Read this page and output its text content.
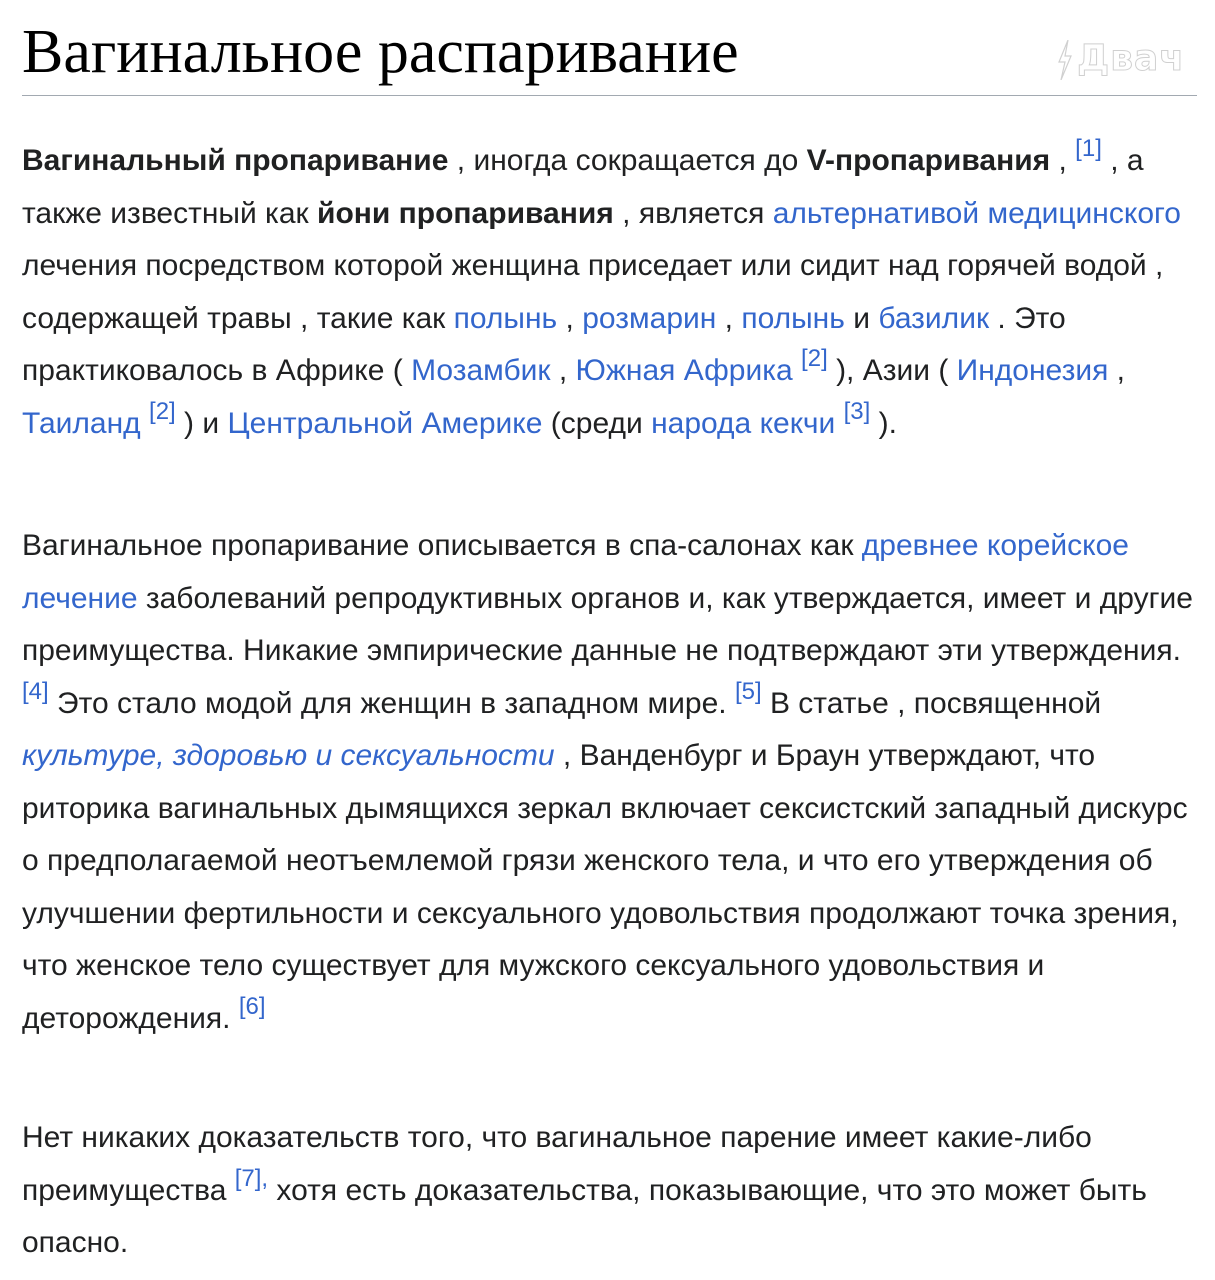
Вагинальное распаривание

Вагинальный пропаривание , иногда сокращается до V-пропаривания , [1] , а также известный как йони пропаривания , является альтернативой медицинского лечения посредством которой женщина приседает или сидит над горячей водой , содержащей травы , такие как полынь , розмарин , полынь и базилик . Это практиковалось в Африке ( Мозамбик , Южная Африка [2] ), Азии ( Индонезия , Таиланд [2] ) и Центральной Америке (среди народа кекчи [3] ).

Вагинальное пропаривание описывается в спа-салонах как древнее корейское лечение заболеваний репродуктивных органов и, как утверждается, имеет и другие преимущества. Никакие эмпирические данные не подтверждают эти утверждения. [4] Это стало модой для женщин в западном мире. [5] В статье , посвященной культуре, здоровью и сексуальности , Ванденбург и Браун утверждают, что риторика вагинальных дымящихся зеркал включает сексистский западный дискурс о предполагаемой неотъемлемой грязи женского тела, и что его утверждения об улучшении фертильности и сексуального удовольствия продолжают точка зрения, что женское тело существует для мужского сексуального удовольствия и деторождения. [6]

Нет никаких доказательств того, что вагинальное парение имеет какие-либо преимущества $^{[7],}$ хотя есть доказательства, показывающие, что это может быть опасно.

Двач
